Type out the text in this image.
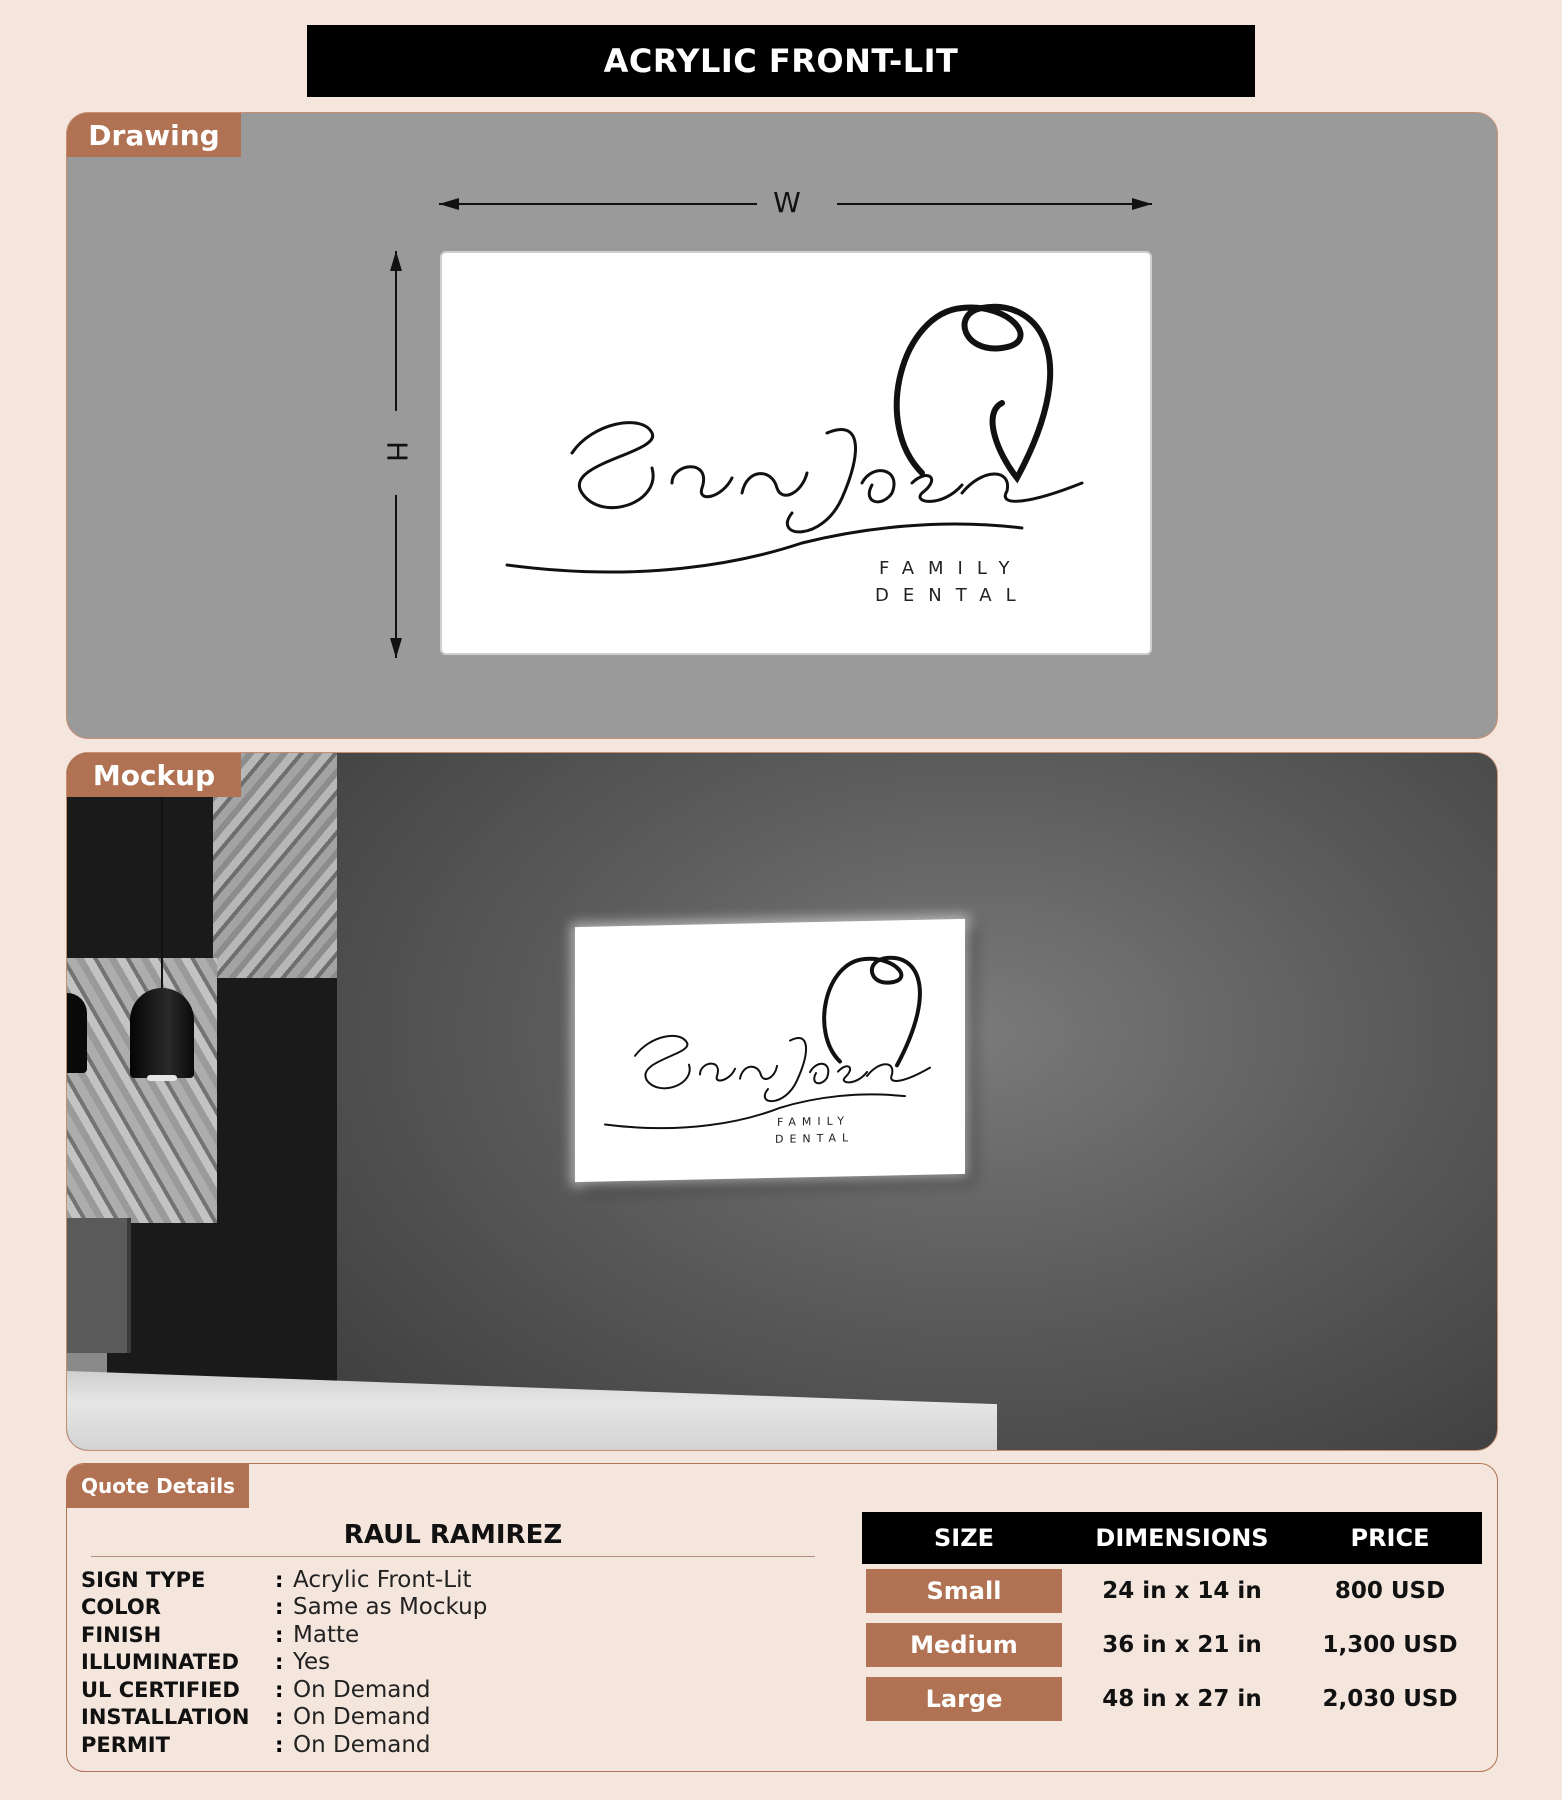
ACRYLIC FRONT-LIT
Drawing
W
H
FAMILY
DENTAL
FAMILY
DENTAL
Mockup
Quote Details
RAUL RAMIREZ
SIGN TYPE	: Acrylic Front-Lit
COLOR	: Same as Mockup
FINISH	: Matte
ILLUMINATED	: Yes
UL CERTIFIED	: On Demand
INSTALLATION	: On Demand
PERMIT	: On Demand
SIZE	DIMENSIONS	PRICE
Small	24 in x 14 in	800 USD
Medium	36 in x 21 in	1,300 USD
Large	48 in x 27 in	2,030 USD
